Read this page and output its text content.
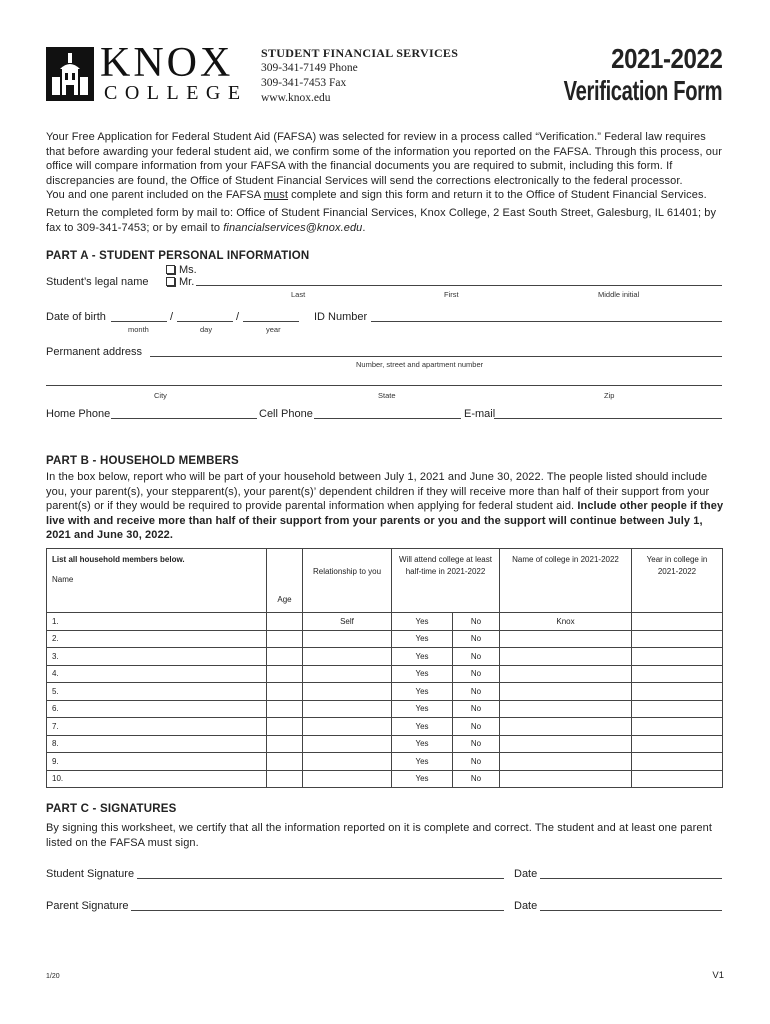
KNOX
COLLEGE
STUDENT FINANCIAL SERVICES
309-341-7149 Phone
309-341-7453 Fax
www.knox.edu
2021-2022
Verification Form
Your Free Application for Federal Student Aid (FAFSA) was selected for review in a process called “Verification.” Federal law requires that before awarding your federal student aid, we confirm some of the information you reported on the FAFSA. Through this process, our office will compare information from your FAFSA with the financial documents you are required to submit, including this form. If discrepancies are found, the Office of Student Financial Services will send the corrections electronically to the federal processor.
You and one parent included on the FAFSA must complete and sign this form and return it to the Office of Student Financial Services.
Return the completed form by mail to: Office of Student Financial Services, Knox College, 2 East South Street, Galesburg, IL 61401; by fax to 309-341-7453; or by email to financialservices@knox.edu.
PART A - STUDENT PERSONAL INFORMATION
Ms.
Mr.
Student’s legal name
Last	First	Middle initial
Date of birth	/	/
month	day	year
ID Number
Permanent address
Number, street and apartment number
City	State	Zip
Home Phone	Cell Phone	E-mail
PART B - HOUSEHOLD MEMBERS
In the box below, report who will be part of your household between July 1, 2021 and June 30, 2022. The people listed should include you, your parent(s), your stepparent(s), your parent(s)’ dependent children if they will receive more than half of their support from your parent(s) or if they would be required to provide parental information when applying for federal student aid. Include other people if they live with and receive more than half of their support from your parents or you and the support will continue between July 1, 2021 and June 30, 2022.
List all household members below.
Name	Age	Relationship to you	Will attend college at least half-time in 2021-2022		Name of college in 2021-2022	Year in college in 2021-2022
1.		Self	Yes	No	Knox	
2.			Yes	No		
3.			Yes	No		
4.			Yes	No		
5.			Yes	No		
6.			Yes	No		
7.			Yes	No		
8.			Yes	No		
9.			Yes	No		
10.			Yes	No		
PART C - SIGNATURES
By signing this worksheet, we certify that all the information reported on it is complete and correct. The student and at least one parent listed on the FAFSA must sign.
Student Signature	Date
Parent Signature	Date
1/20	V1
